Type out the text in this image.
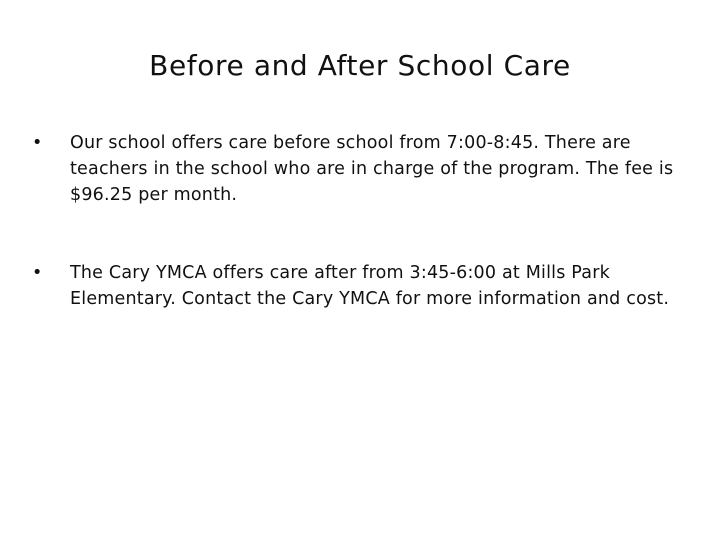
Before and After School Care
• Our school offers care before school from 7:00-8:45. There are teachers in the school who are in charge of the program. The fee is $96.25 per month.
• The Cary YMCA offers care after from 3:45-6:00 at Mills Park Elementary. Contact the Cary YMCA for more information and cost.
